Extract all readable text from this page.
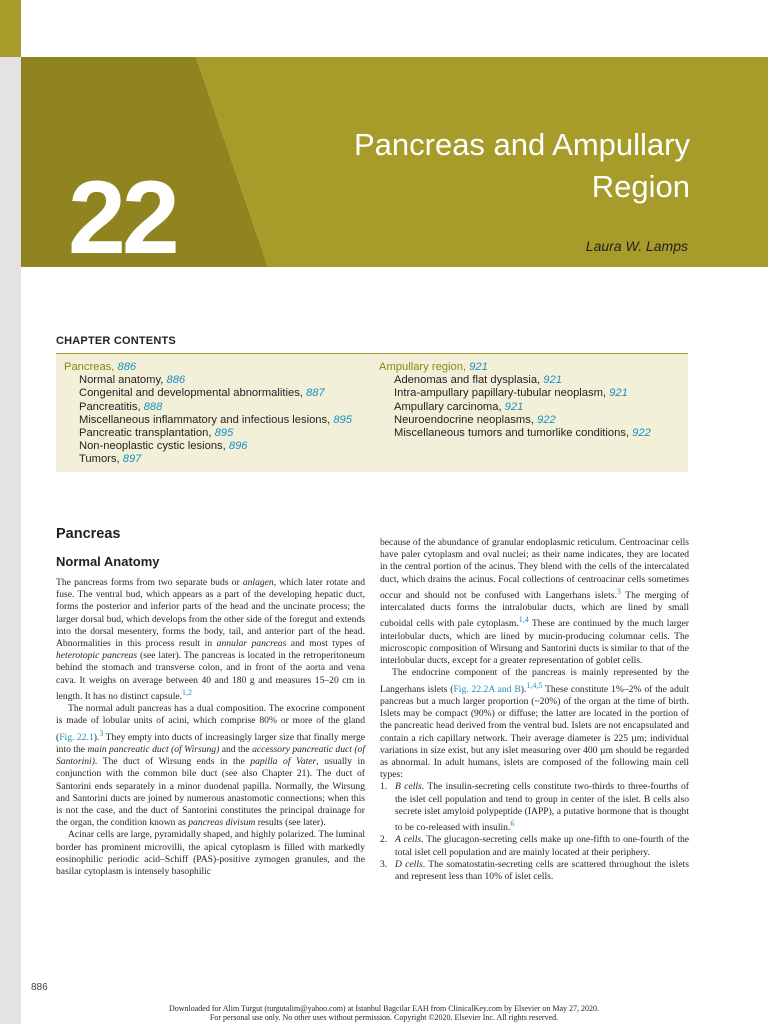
22
Pancreas and Ampullary
Region
Laura W. Lamps
CHAPTER CONTENTS
Pancreas, 886
Normal anatomy, 886
Congenital and developmental abnormalities, 887
Pancreatitis, 888
Miscellaneous inflammatory and infectious lesions, 895
Pancreatic transplantation, 895
Non-neoplastic cystic lesions, 896
Tumors, 897
Ampullary region, 921
Adenomas and flat dysplasia, 921
Intra-ampullary papillary-tubular neoplasm, 921
Ampullary carcinoma, 921
Neuroendocrine neoplasms, 922
Miscellaneous tumors and tumorlike conditions, 922
Pancreas
Normal Anatomy

The pancreas forms from two separate buds or anlagen, which later rotate and fuse. The ventral bud, which appears as a part of the developing hepatic duct, forms the posterior and inferior parts of the head and the uncinate process; the larger dorsal bud, which develops from the other side of the foregut and extends into the dorsal mesentery, forms the body, tail, and anterior part of the head. Abnormalities in this process result in annular pancreas and most types of heterotopic pancreas (see later). The pancreas is located in the retroperitoneum behind the stomach and transverse colon, and in front of the aorta and vena cava. It weighs on average between 40 and 180 g and measures 15–20 cm in length. It has no distinct capsule.$^{1,2}$

The normal adult pancreas has a dual composition. The exocrine component is made of lobular units of acini, which comprise 80% or more of the gland (Fig. 22.1).$^3$ They empty into ducts of increasingly larger size that finally merge into the main pancreatic duct (of Wirsung) and the accessory pancreatic duct (of Santorini). The duct of Wirsung ends in the papilla of Vater, usually in conjunction with the common bile duct (see also Chapter 21). The duct of Santorini ends separately in a minor duodenal papilla. Normally, the Wirsung and Santorini ducts are joined by numerous anastomotic connections; when this is not the case, and the duct of Santorini constitutes the principal drainage for the organ, the condition known as pancreas divisum results (see later).

Acinar cells are large, pyramidally shaped, and highly polarized. The luminal border has prominent microvilli, the apical cytoplasm is filled with markedly eosinophilic periodic acid–Schiff (PAS)-positive zymogen granules, and the basilar cytoplasm is intensely basophilic

because of the abundance of granular endoplasmic reticulum. Centroacinar cells have paler cytoplasm and oval nuclei; as their name indicates, they are located in the central portion of the acinus. They blend with the cells of the intercalated duct, which drains the acinus. Focal collections of centroacinar cells sometimes occur and should not be confused with Langerhans islets.$^3$ The merging of intercalated ducts forms the intralobular ducts, which are lined by small cuboidal cells with pale cytoplasm.$^{1,4}$ These are continued by the much larger interlobular ducts, which are lined by mucin-producing columnar cells. The microscopic composition of Wirsung and Santorini ducts is similar to that of the interlobular ducts, except for a greater representation of goblet cells.

The endocrine component of the pancreas is mainly represented by the Langerhans islets (Fig. 22.2A and B).$^{1,4,5}$ These constitute 1%–2% of the adult pancreas but a much larger proportion (~20%) of the organ at the time of birth. Islets may be compact (90%) or diffuse; the latter are located in the portion of the pancreatic head derived from the ventral bud. Islets are not encapsulated and contain a rich capillary network. Their average diameter is 225 µm; individual variations in size exist, but any islet measuring over 400 µm should be regarded as abnormal. In adult humans, islets are composed of the following main cell types:

1. B cells. The insulin-secreting cells constitute two-thirds to three-fourths of the islet cell population and tend to group in center of the islet. B cells also secrete islet amyloid polypeptide (IAPP), a putative hormone that is thought to be co-released with insulin.$^6$
2. A cells. The glucagon-secreting cells make up one-fifth to one-fourth of the total islet cell population and are mainly located at their periphery.
3. D cells. The somatostatin-secreting cells are scattered throughout the islets and represent less than 10% of islet cells.
886
Downloaded for Alim Turgut (turgutalim@yahoo.com) at Istanbul Bagcilar EAH from ClinicalKey.com by Elsevier on May 27, 2020.
For personal use only. No other uses without permission. Copyright ©2020. Elsevier Inc. All rights reserved.
